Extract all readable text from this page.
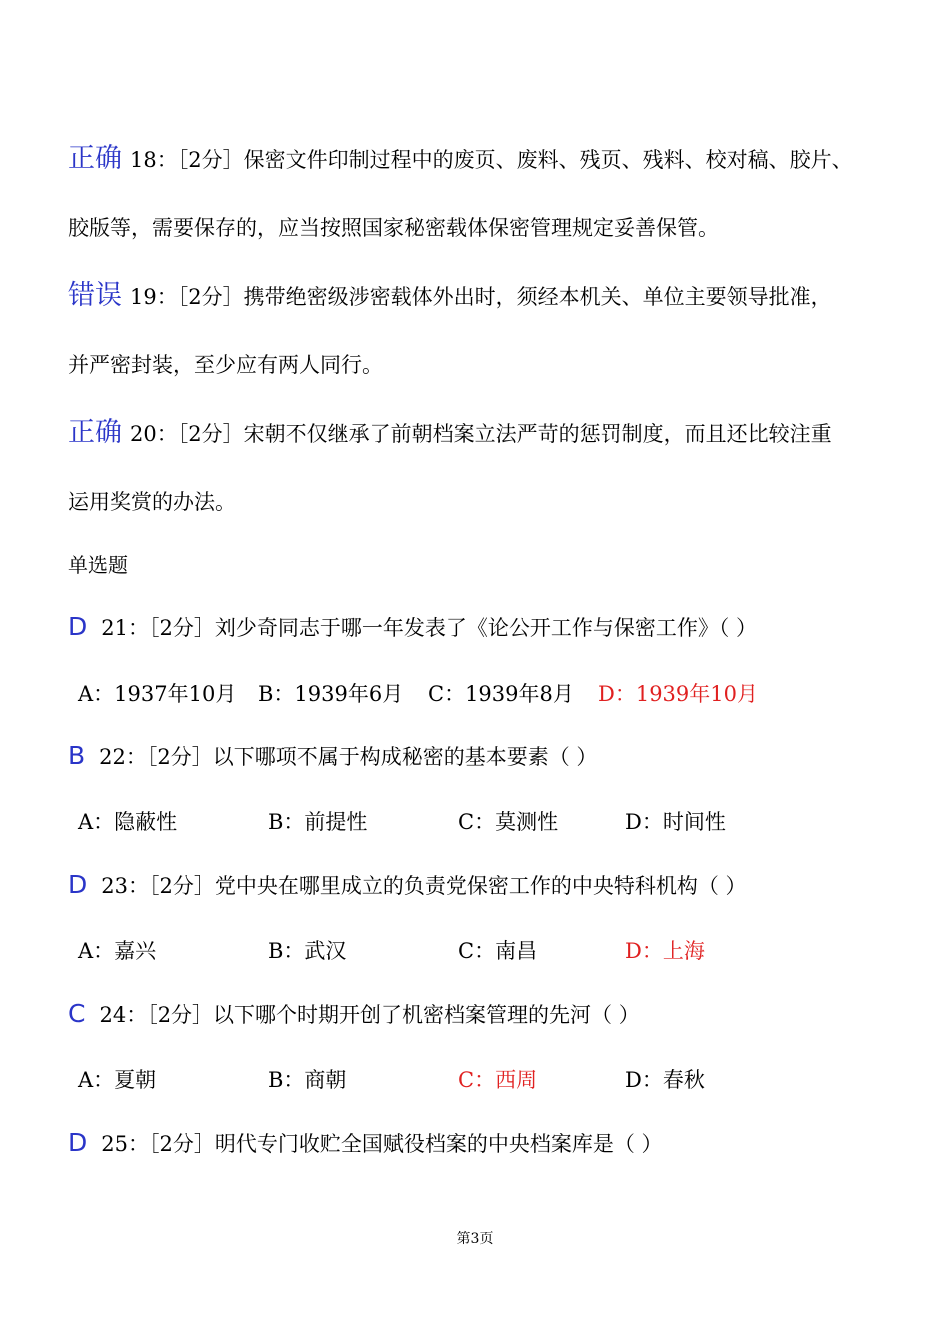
正确 18：［2分］保密文件印制过程中的废页、废料、残页、残料、校对稿、胶片、
胶版等，需要保存的，应当按照国家秘密载体保密管理规定妥善保管。
错误 19：［2分］携带绝密级涉密载体外出时，须经本机关、单位主要领导批准，
并严密封装，至少应有两人同行。
正确 20：［2分］宋朝不仅继承了前朝档案立法严苛的惩罚制度，而且还比较注重
运用奖赏的办法。
单选题
D 21：［2分］刘少奇同志于哪一年发表了《论公开工作与保密工作》（ ）
A：1937年10月 B：1939年6月 C：1939年8月 D：1939年10月
B 22：［2分］以下哪项不属于构成秘密的基本要素（ ）
A：隐蔽性	B：前提性	C：莫测性	D：时间性
D 23：［2分］党中央在哪里成立的负责党保密工作的中央特科机构（ ）
A：嘉兴	B：武汉	C：南昌	D：上海
C 24：［2分］以下哪个时期开创了机密档案管理的先河（ ）
A：夏朝	B：商朝	C：西周	D：春秋
D 25：［2分］明代专门收贮全国赋役档案的中央档案库是（ ）
第3页
